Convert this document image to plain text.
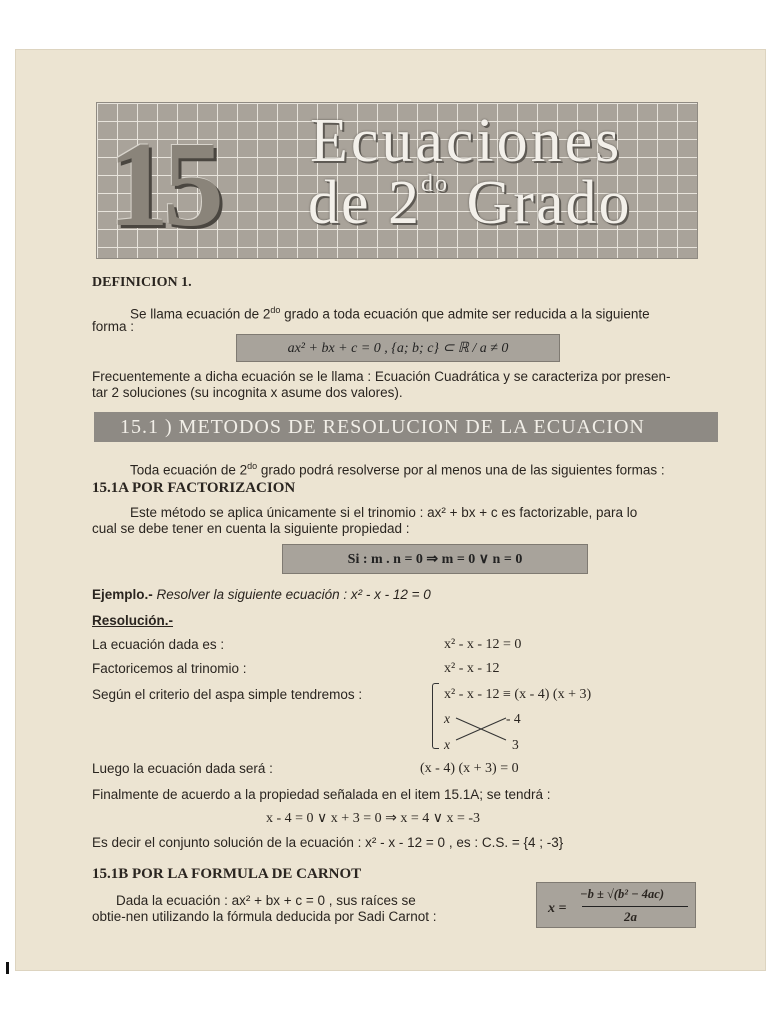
15 Ecuaciones
de $2^{do}$ Grado
DEFINICION 1.
Se llama ecuación de $2^{do}$ grado a toda ecuación que admite ser reducida a la siguiente
forma :
ax² + bx + c = 0 , {a; b; c} ⊂ ℝ / a ≠ 0
Frecuentemente a dicha ecuación se le llama : Ecuación Cuadrática y se caracteriza por presen-
tar 2 soluciones (su incognita x asume dos valores).
15.1 ) METODOS DE RESOLUCION DE LA ECUACION
Toda ecuación de $2^{do}$ grado podrá resolverse por al menos una de las siguientes formas :
15.1A POR FACTORIZACION
Este método se aplica únicamente si el trinomio : ax² + bx + c es factorizable, para lo
cual se debe tener en cuenta la siguiente propiedad :
Si : m . n = 0 ⇒ m = 0 ∨ n = 0
Ejemplo.- Resolver la siguiente ecuación : x² - x - 12 = 0
Resolución.-
La ecuación dada es :	x² - x - 12 = 0
Factoricemos al trinomio :	x² - x - 12
Según el criterio del aspa simple tendremos :	x² - x - 12 ≡ (x - 4) (x + 3)
x	- 4
x	3
Luego la ecuación dada será :	(x - 4) (x + 3) = 0
Finalmente de acuerdo a la propiedad señalada en el item 15.1A; se tendrá :
x - 4 = 0 ∨ x + 3 = 0 ⇒ x = 4 ∨ x = -3
Es decir el conjunto solución de la ecuación : x² - x - 12 = 0 , es : C.S. = {4 ; -3}
15.1B POR LA FORMULA DE CARNOT
Dada la ecuación : ax² + bx + c = 0 , sus raíces se
obtie-nen utilizando la fórmula deducida por Sadi Carnot :
x =
−b ± √(b² − 4ac)
2a
